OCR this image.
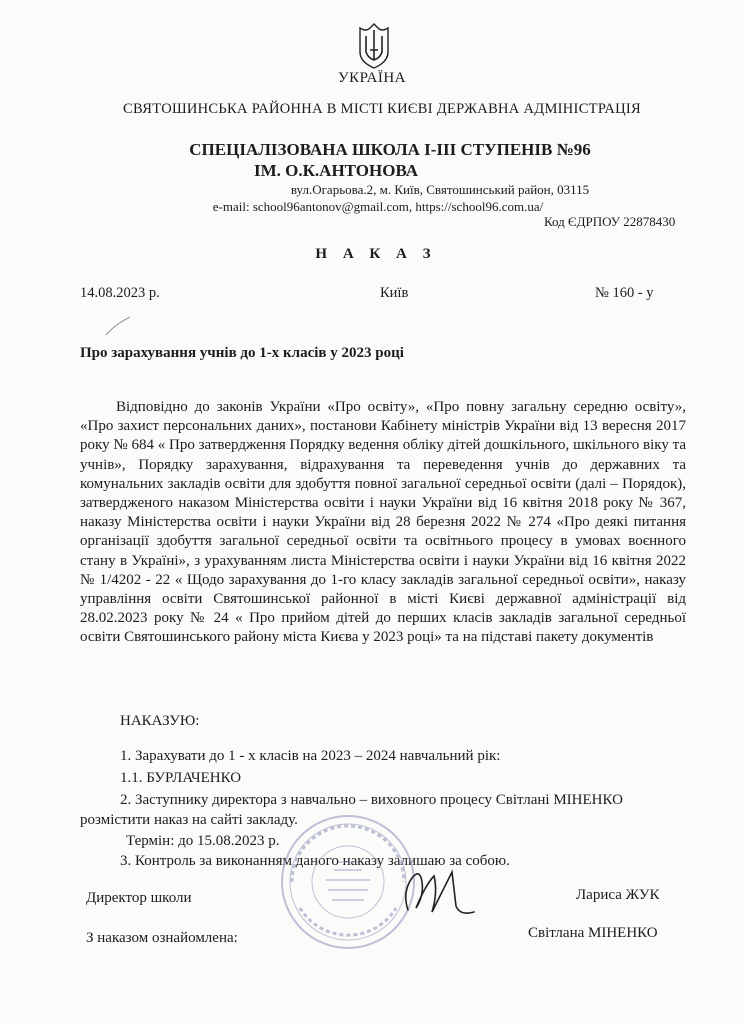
УКРАЇНА
СВЯТОШИНСЬКА РАЙОННА В МІСТІ КИЄВІ ДЕРЖАВНА АДМІНІСТРАЦІЯ
СПЕЦІАЛІЗОВАНА ШКОЛА І-ІІІ СТУПЕНІВ №96
ІМ. О.К.АНТОНОВА
вул.Огарьова.2, м. Київ, Святошинський район, 03115
e-mail: school96antonov@gmail.com, https://school96.com.ua/
Код ЄДРПОУ 22878430
Н А К А З
14.08.2023 р.	Київ	№ 160 - у
Про зарахування учнів до 1-х класів у 2023 році
Відповідно до законів України «Про освіту», «Про повну загальну середню освіту», «Про захист персональних даних», постанови Кабінету міністрів України від 13 вересня 2017 року № 684 « Про затвердження Порядку ведення обліку дітей дошкільного, шкільного віку та учнів», Порядку зарахування, відрахування та переведення учнів до державних та комунальних закладів освіти для здобуття повної загальної середньої освіти (далі – Порядок), затвердженого наказом Міністерства освіти і науки України від 16 квітня 2018 року № 367, наказу Міністерства освіти і науки України від 28 березня 2022 № 274 «Про деякі питання організації здобуття загальної середньої освіти та освітнього процесу в умовах воєнного стану в Україні», з урахуванням листа Міністерства освіти і науки України від 16 квітня 2022 № 1/4202 - 22 « Щодо зарахування до 1-го класу закладів загальної середньої освіти», наказу управління освіти Святошинської районної в місті Києві державної адміністрації від 28.02.2023 року № 24 « Про прийом дітей до перших класів закладів загальної середньої освіти Святошинського району міста Києва у 2023 році» та на підставі пакету документів
НАКАЗУЮ:
1. Зарахувати до 1 - х класів на 2023 – 2024 навчальний рік:
1.1. БУРЛАЧЕНКО
2. Заступнику директора з навчально – виховного процесу Світлані МІНЕНКО
розмістити наказ на сайті закладу.
Термін: до 15.08.2023 р.
3. Контроль за виконанням даного наказу залишаю за собою.
Директор школи	Лариса ЖУК
З наказом ознайомлена:	Світлана МІНЕНКО
